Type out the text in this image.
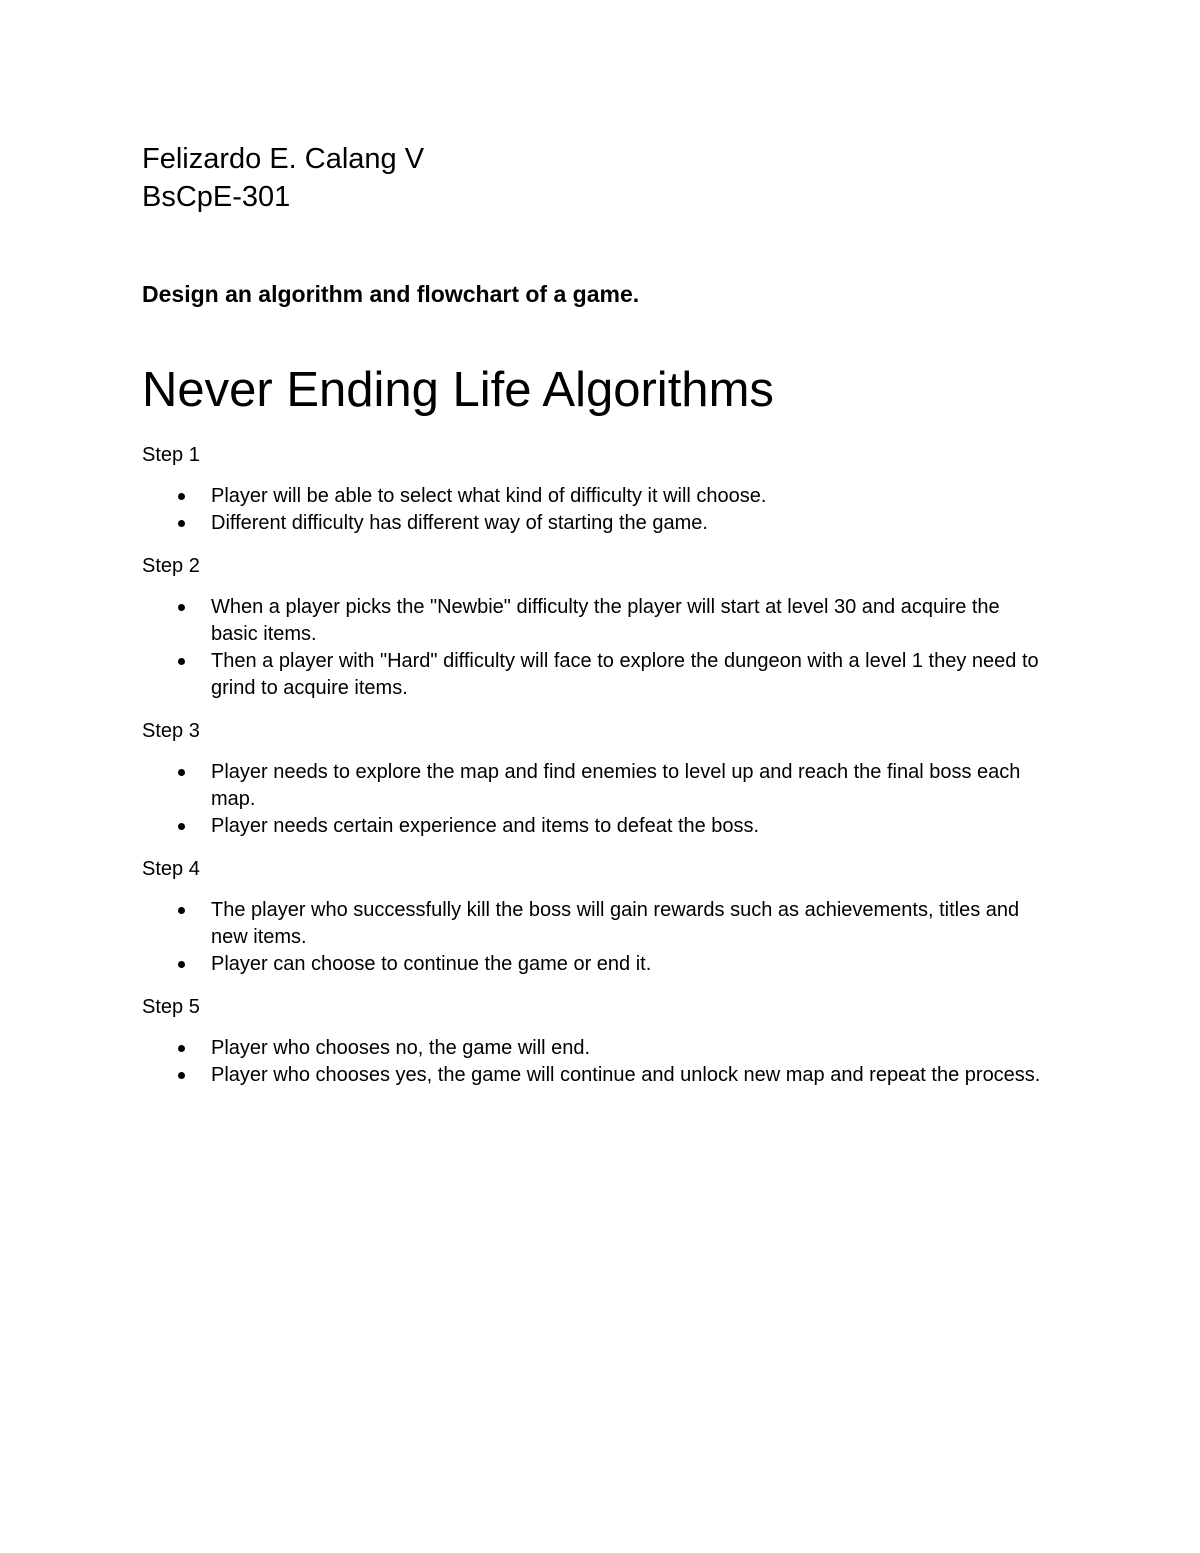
Felizardo E. Calang V

BsCpE-301

Design an algorithm and flowchart of a game.

Never Ending Life Algorithms

Step 1

Player will be able to select what kind of difficulty it will choose.
Different difficulty has different way of starting the game.

Step 2

When a player picks the "Newbie" difficulty the player will start at level 30 and acquire the basic items.
Then a player with "Hard" difficulty will face to explore the dungeon with a level 1 they need to grind to acquire items.

Step 3

Player needs to explore the map and find enemies to level up and reach the final boss each map.
Player needs certain experience and items to defeat the boss.

Step 4

The player who successfully kill the boss will gain rewards such as achievements, titles and new items.
Player can choose to continue the game or end it.

Step 5

Player who chooses no, the game will end.
Player who chooses yes, the game will continue and unlock new map and repeat the process.
